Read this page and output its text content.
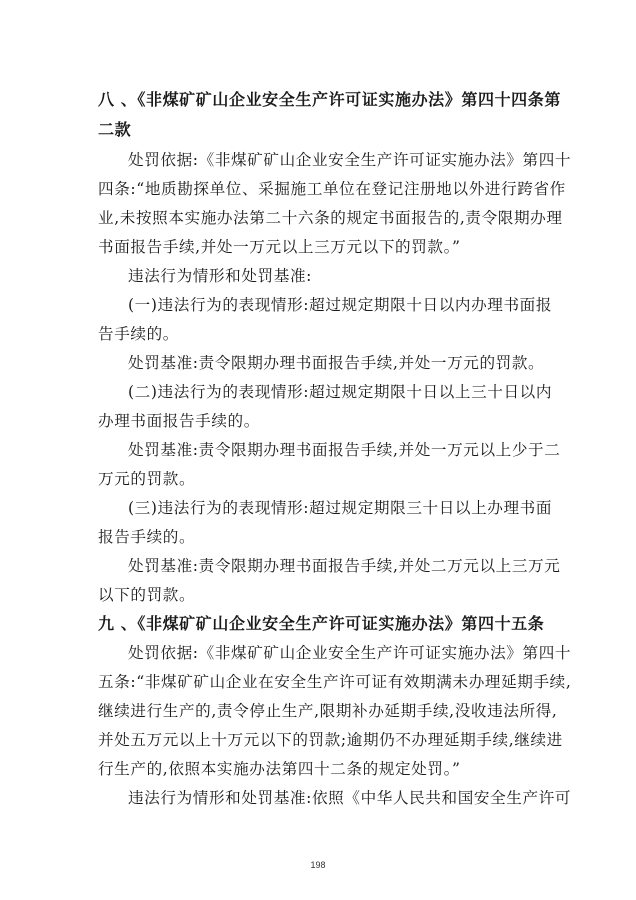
八 、《非煤矿矿山企业安全生产许可证实施办法》第四十四条第
二款
处罚依据:《非煤矿矿山企业安全生产许可证实施办法》第四十
四条:“地质勘探单位、采掘施工单位在登记注册地以外进行跨省作
业,未按照本实施办法第二十六条的规定书面报告的,责令限期办理
书面报告手续,并处一万元以上三万元以下的罚款。”
违法行为情形和处罚基准:
(一)违法行为的表现情形:超过规定期限十日以内办理书面报
告手续的。
处罚基准:责令限期办理书面报告手续,并处一万元的罚款。
(二)违法行为的表现情形:超过规定期限十日以上三十日以内
办理书面报告手续的。
处罚基准:责令限期办理书面报告手续,并处一万元以上少于二
万元的罚款。
(三)违法行为的表现情形:超过规定期限三十日以上办理书面
报告手续的。
处罚基准:责令限期办理书面报告手续,并处二万元以上三万元
以下的罚款。
九 、《非煤矿矿山企业安全生产许可证实施办法》第四十五条
处罚依据:《非煤矿矿山企业安全生产许可证实施办法》第四十
五条:“非煤矿矿山企业在安全生产许可证有效期满未办理延期手续,
继续进行生产的,责令停止生产,限期补办延期手续,没收违法所得,
并处五万元以上十万元以下的罚款;逾期仍不办理延期手续,继续进
行生产的,依照本实施办法第四十二条的规定处罚。”
违法行为情形和处罚基准:依照《中华人民共和国安全生产许可
198
